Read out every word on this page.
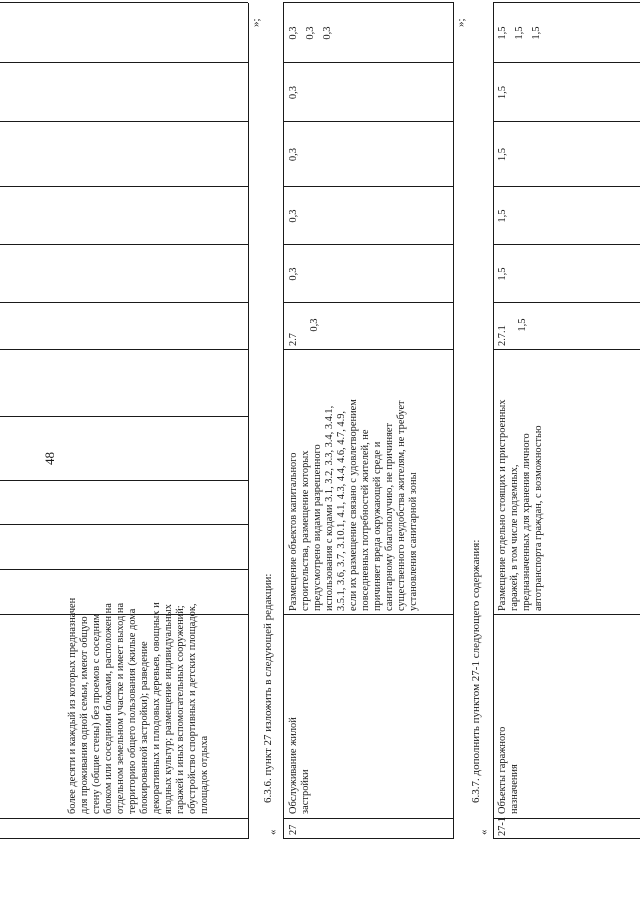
48
более десяти и каждый из которых предназначен для проживания одной семьи, имеют общую стену (общие стены) без проемов с соседним блоком или соседними блоками, расположен на отдельном земельном участке и имеет выход на территорию общего пользования (жилые дома блокированной застройки); разведение декоративных и плодовых деревьев, овощных и ягодных культур; размещение индивидуальных гаражей и иных вспомогательных сооружений; обустройство спортивных и детских площадок, площадок отдыха
»;
6.3.6. пункт 27 изложить в следующей редакции:
« 27
Обслуживание жилой застройки
Размещение объектов капитального строительства, размещение которых предусмотрено видами разрешенного использования с кодами 3.1, 3.2, 3.3, 3.4, 3.4.1, 3.5.1, 3.6, 3.7, 3.10.1, 4.1, 4.3, 4.4, 4.6, 4.7, 4.9, если их размещение связано с удовлетворением повседневных потребностей жителей, не причиняет вреда окружающей среде и санитарному благополучию, не причиняет существенного неудобства жителям, не требует установления санитарной зоны
2.7
0,3
0,3
0,3
0,3
0,3
0,3 0,3 0,3
»;
6.3.7. дополнить пунктом 27-1 следующего содержания:
« 27-1
Объекты гаражного назначения
Размещение отдельно стоящих и пристроенных гаражей, в том числе подземных, предназначенных для хранения личного автотранспорта граждан, с возможностью
2.7.1
1,5
1,5
1,5
1,5
1,5
1,5 1,5 1,5
